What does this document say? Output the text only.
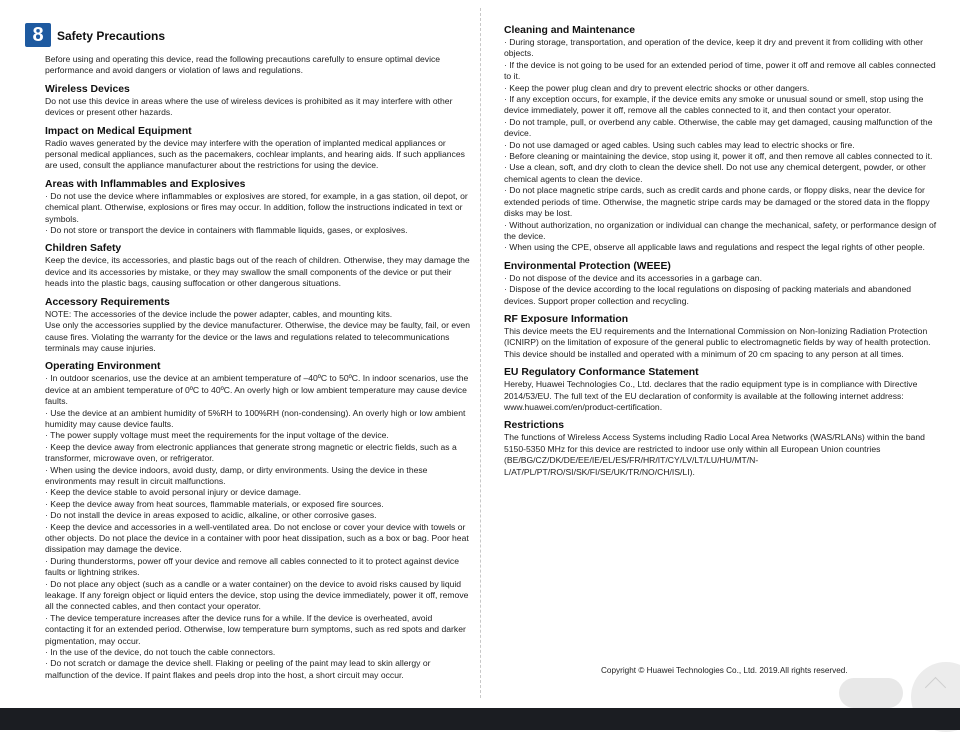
8	Safety Precautions

Before using and operating this device, read the following precautions carefully to ensure optimal device performance and avoid dangers or violation of laws and regulations.

Wireless Devices

Do not use this device in areas where the use of wireless devices is prohibited as it may interfere with other devices or present other hazards.

Impact on Medical Equipment

Radio waves generated by the device may interfere with the operation of implanted medical appliances or personal medical appliances, such as the pacemakers, cochlear implants, and hearing aids. If such appliances are used, consult the appliance manufacturer about the restrictions for using the device.

Areas with Inflammables and Explosives

· Do not use the device where inflammables or explosives are stored, for example, in a gas station, oil depot, or chemical plant. Otherwise, explosions or fires may occur. In addition, follow the instructions indicated in text or symbols.

· Do not store or transport the device in containers with flammable liquids, gases, or explosives.

Children Safety

Keep the device, its accessories, and plastic bags out of the reach of children. Otherwise, they may damage the device and its accessories by mistake, or they may swallow the small components of the device or put their heads into the plastic bags, causing suffocation or other dangerous situations.

Accessory Requirements

NOTE: The accessories of the device include the power adapter, cables, and mounting kits.

Use only the accessories supplied by the device manufacturer. Otherwise, the device may be faulty, fail, or even cause fires. Violating the warranty for the device or the laws and regulations related to telecommunications terminals may cause injuries.

Operating Environment

· In outdoor scenarios, use the device at an ambient temperature of –40ºC to 50ºC. In indoor scenarios, use the device at an ambient temperature of 0ºC to 40ºC. An overly high or low ambient temperature may cause device faults.

· Use the device at an ambient humidity of 5%RH to 100%RH (non-condensing). An overly high or low ambient humidity may cause device faults.

· The power supply voltage must meet the requirements for the input voltage of the device.

· Keep the device away from electronic appliances that generate strong magnetic or electric fields, such as a transformer, microwave oven, or refrigerator.

· When using the device indoors, avoid dusty, damp, or dirty environments. Using the device in these environments may result in circuit malfunctions.

· Keep the device stable to avoid personal injury or device damage.

· Keep the device away from heat sources, flammable materials, or exposed fire sources.

· Do not install the device in areas exposed to acidic, alkaline, or other corrosive gases.

· Keep the device and accessories in a well-ventilated area. Do not enclose or cover your device with towels or other objects. Do not place the device in a container with poor heat dissipation, such as a box or bag. Poor heat dissipation may damage the device.

· During thunderstorms, power off your device and remove all cables connected to it to protect against device faults or lightning strikes.

· Do not place any object (such as a candle or a water container) on the device to avoid risks caused by liquid leakage. If any foreign object or liquid enters the device, stop using the device immediately, power it off, remove all the connected cables, and then contact your operator.

· The device temperature increases after the device runs for a while. If the device is overheated, avoid contacting it for an extended period. Otherwise, low temperature burn symptoms, such as red spots and darker pigmentation, may occur.

· In the use of the device, do not touch the cable connectors.

· Do not scratch or damage the device shell. Flaking or peeling of the paint may lead to skin allergy or malfunction of the device. If paint flakes and peels drop into the host, a short circuit may occur.

Cleaning and Maintenance

· During storage, transportation, and operation of the device, keep it dry and prevent it from colliding with other objects.

· If the device is not going to be used for an extended period of time, power it off and remove all cables connected to it.

· Keep the power plug clean and dry to prevent electric shocks or other dangers.

· If any exception occurs, for example, if the device emits any smoke or unusual sound or smell, stop using the device immediately, power it off, remove all the cables connected to it, and then contact your operator.

· Do not trample, pull, or overbend any cable. Otherwise, the cable may get damaged, causing malfunction of the device.

· Do not use damaged or aged cables. Using such cables may lead to electric shocks or fire.

· Before cleaning or maintaining the device, stop using it, power it off, and then remove all cables connected to it.

· Use a clean, soft, and dry cloth to clean the device shell. Do not use any chemical detergent, powder, or other chemical agents to clean the device.

· Do not place magnetic stripe cards, such as credit cards and phone cards, or floppy disks, near the device for extended periods of time. Otherwise, the magnetic stripe cards may be damaged or the stored data in the floppy disks may be lost.

· Without authorization, no organization or individual can change the mechanical, safety, or performance design of the device.

· When using the CPE, observe all applicable laws and regulations and respect the legal rights of other people.

Environmental Protection (WEEE)

· Do not dispose of the device and its accessories in a garbage can.

· Dispose of the device according to the local regulations on disposing of packing materials and abandoned devices. Support proper collection and recycling.

RF Exposure Information

This device meets the EU requirements and the International Commission on Non-Ionizing Radiation Protection (ICNIRP) on the limitation of exposure of the general public to electromagnetic fields by way of health protection. This device should be installed and operated with a minimum of 20 cm spacing to any person at all times.

EU Regulatory Conformance Statement

Hereby, Huawei Technologies Co., Ltd. declares that the radio equipment type is in compliance with Directive 2014/53/EU. The full text of the EU declaration of conformity is available at the following internet address: www.huawei.com/en/product-certification.

Restrictions

The functions of Wireless Access Systems including Radio Local Area Networks (WAS/RLANs) within the band 5150-5350 MHz for this device are restricted to indoor use only within all European Union countries (BE/BG/CZ/DK/DE/EE/IE/EL/ES/FR/HR/IT/CY/LV/LT/LU/HU/MT/N-L/AT/PL/PT/RO/SI/SK/FI/SE/UK/TR/NO/CH/IS/LI).

Copyright © Huawei Technologies Co., Ltd. 2019.All rights reserved.
